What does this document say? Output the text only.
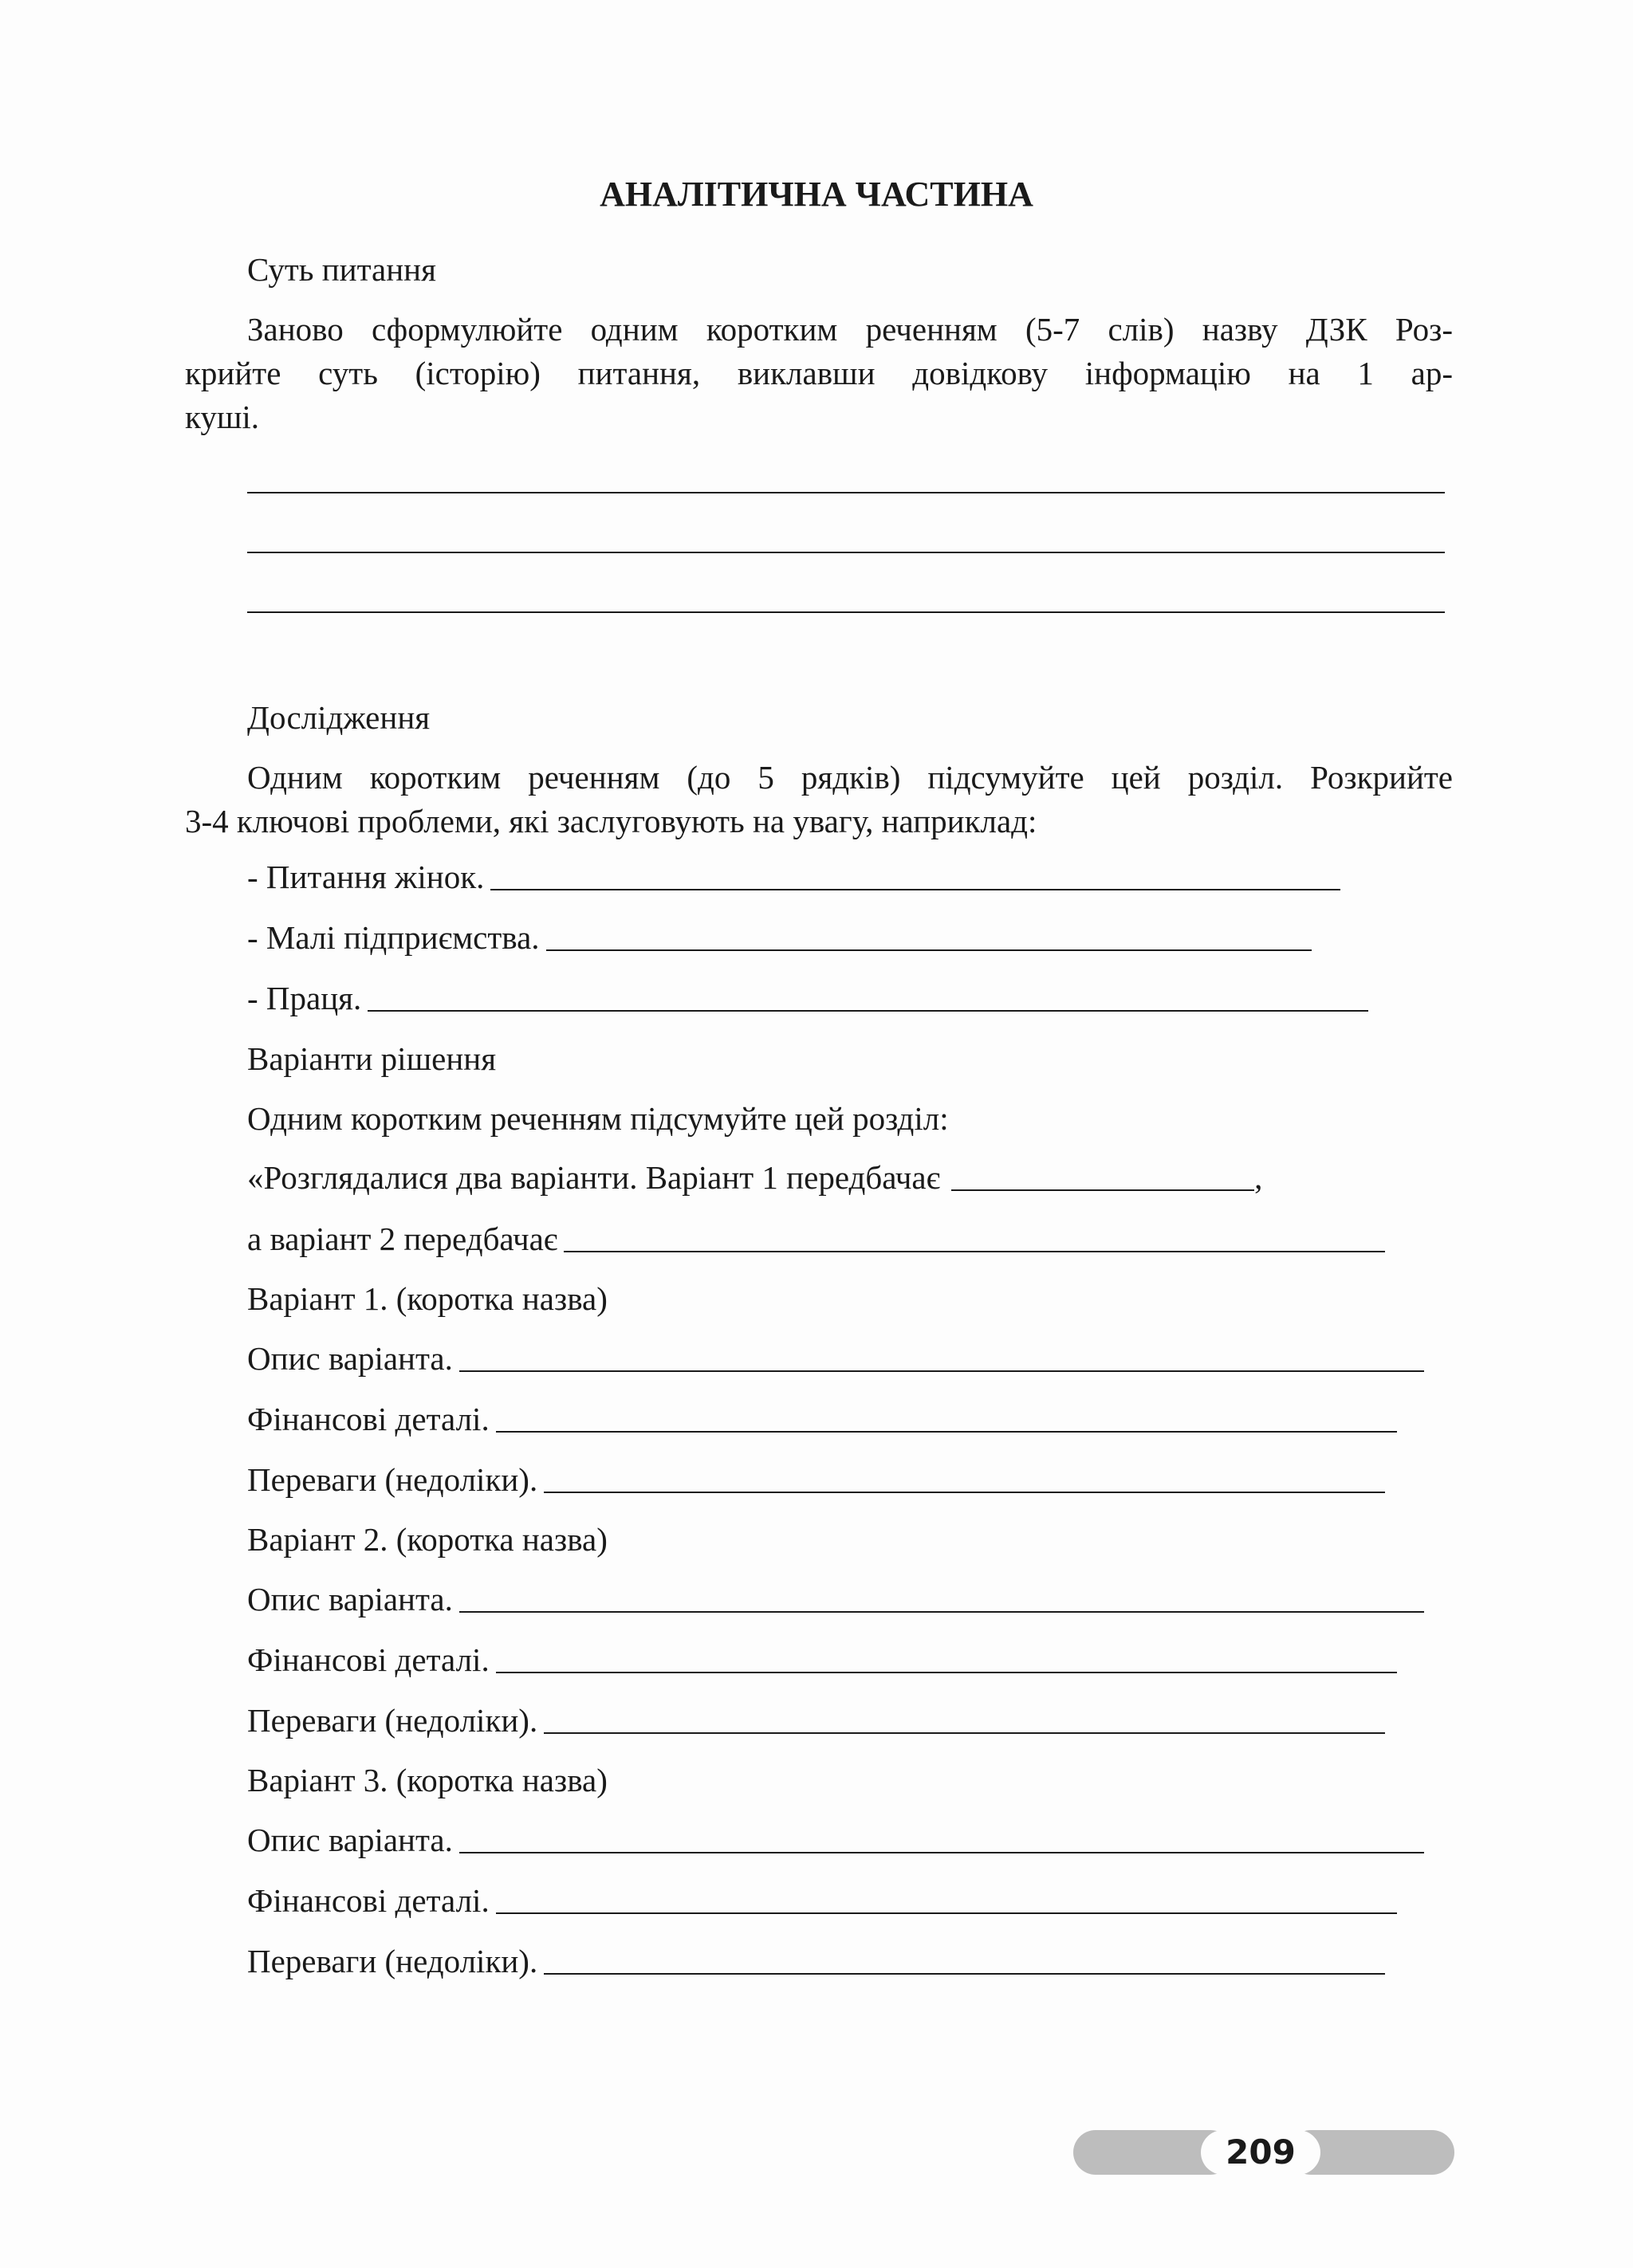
АНАЛІТИЧНА ЧАСТИНА
Суть питання
Заново сформулюйте одним коротким реченням (5-7 слів) назву ДЗК Роз-
крийте суть (історію) питання, виклавши довідкову інформацію на 1 ар-
куші.
Дослідження
Одним коротким реченням (до 5 рядків) підсумуйте цей розділ. Розкрийте
3-4 ключові проблеми, які заслуговують на увагу, наприклад:
- Питання жінок.
- Малі підприємства.
- Праця.
Варіанти рішення
Одним коротким реченням підсумуйте цей розділ:
«Розглядалися два варіанти. Варіант 1 передбачає	,
а варіант 2 передбачає
Варіант 1. (коротка назва)
Опис варіанта.
Фінансові деталі.
Переваги (недоліки).
Варіант 2. (коротка назва)
Опис варіанта.
Фінансові деталі.
Переваги (недоліки).
Варіант 3. (коротка назва)
Опис варіанта.
Фінансові деталі.
Переваги (недоліки).
209
